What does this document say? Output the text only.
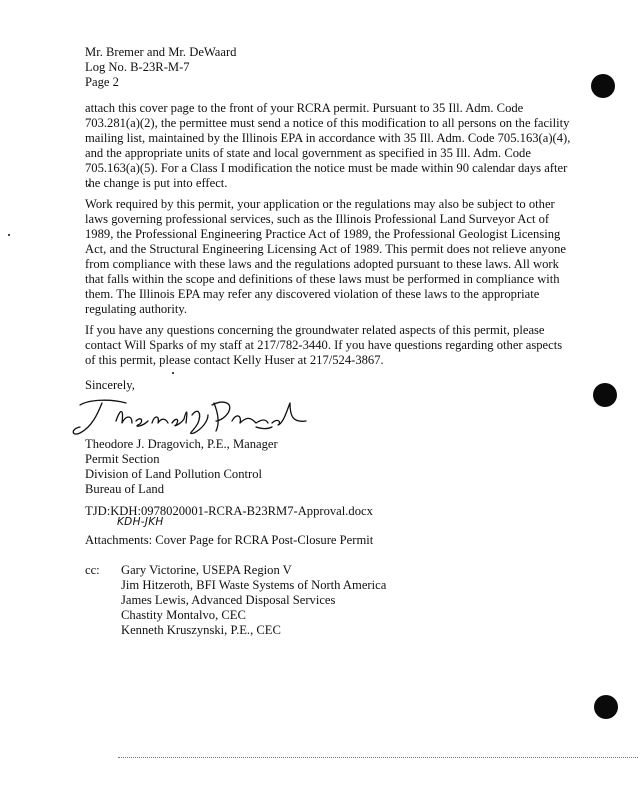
Mr. Bremer and Mr. DeWaard
Log No. B-23R-M-7
Page 2
attach this cover page to the front of your RCRA permit. Pursuant to 35 Ill. Adm. Code
703.281(a)(2), the permittee must send a notice of this modification to all persons on the facility
mailing list, maintained by the Illinois EPA in accordance with 35 Ill. Adm. Code 705.163(a)(4),
and the appropriate units of state and local government as specified in 35 Ill. Adm. Code
705.163(a)(5). For a Class I modification the notice must be made within 90 calendar days after
the change is put into effect.
Work required by this permit, your application or the regulations may also be subject to other
laws governing professional services, such as the Illinois Professional Land Surveyor Act of
1989, the Professional Engineering Practice Act of 1989, the Professional Geologist Licensing
Act, and the Structural Engineering Licensing Act of 1989. This permit does not relieve anyone
from compliance with these laws and the regulations adopted pursuant to these laws. All work
that falls within the scope and definitions of these laws must be performed in compliance with
them. The Illinois EPA may refer any discovered violation of these laws to the appropriate
regulating authority.
If you have any questions concerning the groundwater related aspects of this permit, please
contact Will Sparks of my staff at 217/782-3440. If you have questions regarding other aspects
of this permit, please contact Kelly Huser at 217/524-3867.
Sincerely,
Theodore J. Dragovich, P.E., Manager
Permit Section
Division of Land Pollution Control
Bureau of Land
TJD:KDH:0978020001-RCRA-B23RM7-Approval.docx
KDH-JKH
Attachments: Cover Page for RCRA Post-Closure Permit
cc: Gary Victorine, USEPA Region V
Jim Hitzeroth, BFI Waste Systems of North America
James Lewis, Advanced Disposal Services
Chastity Montalvo, CEC
Kenneth Kruszynski, P.E., CEC
